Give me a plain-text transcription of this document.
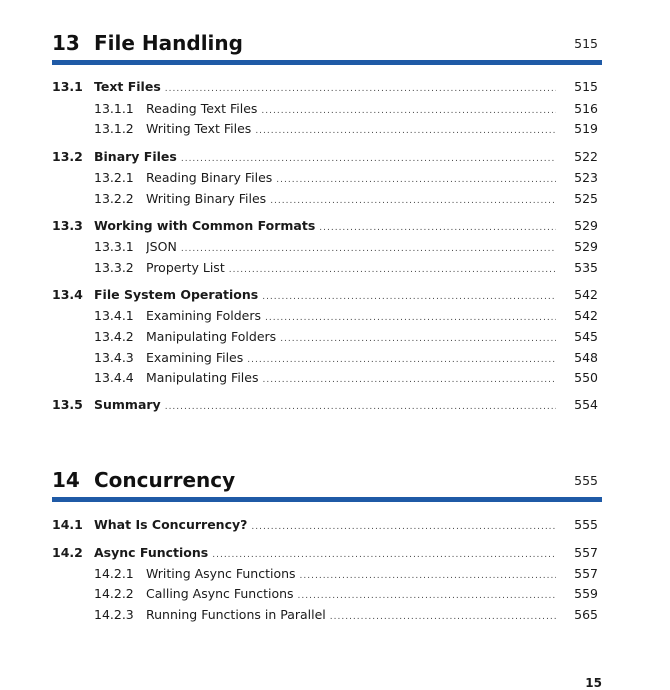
13 File Handling	515
13.1 Text Files .....	515
13.1.1 Reading Text Files .....	516
13.1.2 Writing Text Files .....	519
13.2 Binary Files .....	522
13.2.1 Reading Binary Files .....	523
13.2.2 Writing Binary Files .....	525
13.3 Working with Common Formats .....	529
13.3.1 JSON .....	529
13.3.2 Property List .....	535
13.4 File System Operations .....	542
13.4.1 Examining Folders .....	542
13.4.2 Manipulating Folders .....	545
13.4.3 Examining Files .....	548
13.4.4 Manipulating Files .....	550
13.5 Summary .....	554
14 Concurrency	555
14.1 What Is Concurrency? .....	555
14.2 Async Functions .....	557
14.2.1 Writing Async Functions .....	557
14.2.2 Calling Async Functions .....	559
14.2.3 Running Functions in Parallel .....	565
15
